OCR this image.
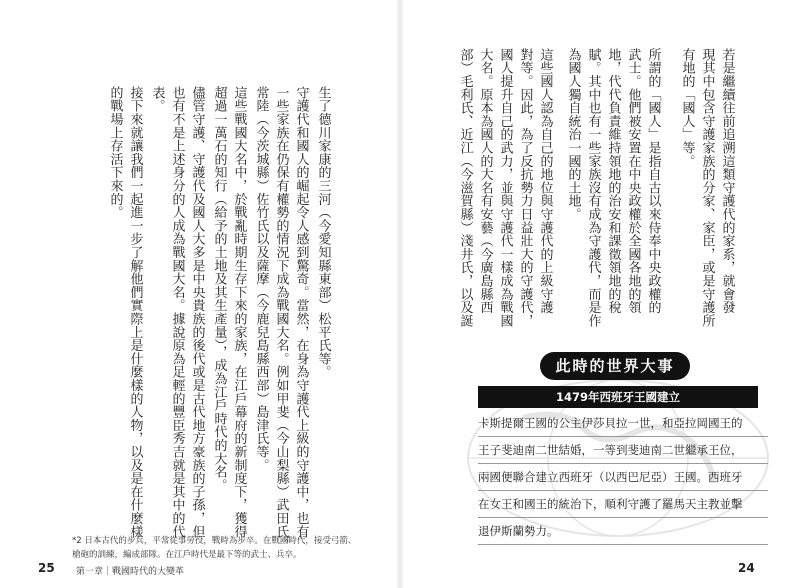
部）毛利氏、近江（今滋賀縣）淺井氏，以及誕 大名。原本為國人的大名有安藝（今廣島縣西 國人提升自己的武力，並與守護代一樣成為戰國 對等。因此，為了反抗勢力日益壯大的守護代， 這些國人認為自己的地位與守護代的上級守護 為國人獨自統治一國的土地。 賦。其中也有一些家族沒有成為守護代，而是作 地，代代負責維持領地的治安和課徵領地的稅 武士。他們被安置在中央政權於全國各地的領 所謂的「國人」是指自古以來侍奉中央政權的 有地的「國人」等。 現其中包含守護家族的分家、家臣，或是守護所 若是繼續往前追溯這類守護代的家系，就會發
此時的世界大事
1479年西班牙王國建立
卡斯提爾王國的公主伊莎貝拉一世，和亞拉岡國王的
王子斐迪南二世結婚，一等到斐迪南二世繼承王位，
兩國便聯合建立西班牙（以西巴尼亞）王國。西班牙
在女王和國王的統治下，順利守護了羅馬天主教並擊
退伊斯蘭勢力。
的戰場上存活下來的。 接下來就讓我們一起進一步了解他們實際上是什麼樣的人物，以及是在什麼樣 表。 也有不是上述身分的人成為戰國大名。據說原為足輕的豐臣秀吉就是其中的代 儘管守護、守護代及國人大多是中央貴族的後代或是古代地方豪族的子孫，但 超過一萬石的知行（給予的土地及其生產量），成為江戶時代的大名。 這些戰國大名中，於戰亂時期生存下來的家族，在江戶幕府的新制度下，獲得 常陸（今茨城縣）佐竹氏以及薩摩（今鹿兒島縣西部）島津氏等。 一些家族在仍保有權勢的情況下成為戰國大名。例如甲斐（今山梨縣）武田氏、 守護代和國人的崛起令人感到驚奇。當然，在身為守護代上級的守護中，也有 生了德川家康的三河（今愛知縣東部）松平氏等。
*2 日本古代的步兵，平常從事勞役，戰時為步卒。在戰國時代，接受弓箭、
槍砲的訓練，編成部隊。在江戶時代是最下等的武士、兵卒。
25 第一章｜戰國時代的大變革	24
